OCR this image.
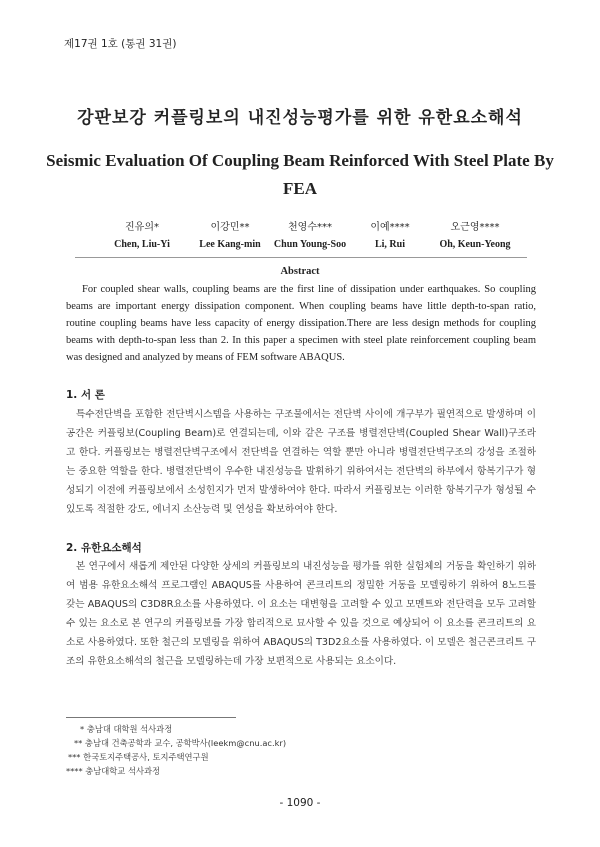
제17권 1호 (통권 31권)
강판보강 커플링보의 내진성능평가를 위한 유한요소해석
Seismic Evaluation Of Coupling Beam Reinforced With Steel Plate By FEA
진유의*
Chen, Liu-Yi
이강민**
Lee Kang-min
천영수***
Chun Young-Soo
이예****
Li, Rui
오근영****
Oh, Keun-Yeong
Abstract
For coupled shear walls, coupling beams are the first line of dissipation under earthquakes. So coupling beams are important energy dissipation component. When coupling beams have little depth-to-span ratio, routine coupling beams have less capacity of energy dissipation.There are less design methods for coupling beams with depth-to-span less than 2. In this paper a specimen with steel plate reinforcement coupling beam was designed and analyzed by means of FEM software ABAQUS.
1. 서 론
특수전단벽을 포함한 전단벽시스템을 사용하는 구조물에서는 전단벽 사이에 개구부가 필연적으로 발생하며 이 공간은 커플링보(Coupling Beam)로 연결되는데, 이와 같은 구조를 병렬전단벽(Coupled Shear Wall)구조라고 한다. 커플링보는 병렬전단벽구조에서 전단벽을 연결하는 역할 뿐만 아니라 병렬전단벽구조의 강성을 조절하는 중요한 역할을 한다. 병렬전단벽이 우수한 내진성능을 발휘하기 위하여서는 전단벽의 하부에서 항복기구가 형성되기 이전에 커플링보에서 소성힌지가 먼저 발생하여야 한다. 따라서 커플링보는 이러한 항복기구가 형성될 수 있도록 적절한 강도, 에너지 소산능력 및 연성을 확보하여야 한다.
2. 유한요소해석
본 연구에서 새롭게 제안된 다양한 상세의 커플링보의 내진성능을 평가를 위한 실험체의 거동을 확인하기 위하여 범용 유한요소해석 프로그램인 ABAQUS를 사용하여 콘크리트의 정밀한 거동을 모델링하기 위하여 8노드를 갖는 ABAQUS의 C3D8R요소를 사용하였다. 이 요소는 대변형을 고려할 수 있고 모멘트와 전단력을 모두 고려할 수 있는 요소로 본 연구의 커플링보를 가장 합리적으로 묘사할 수 있을 것으로 예상되어 이 요소를 콘크리트의 요소로 사용하였다. 또한 철근의 모델링을 위하여 ABAQUS의 T3D2요소를 사용하였다. 이 모델은 철근콘크리트 구조의 유한요소해석의 철근을 모델링하는데 가장 보편적으로 사용되는 요소이다.
* 충남대 대학원 석사과정
** 충남대 건축공학과 교수, 공학박사(leekm@cnu.ac.kr)
*** 한국토지주택공사, 토지주택연구원
**** 충남대학교 석사과정
- 1090 -
